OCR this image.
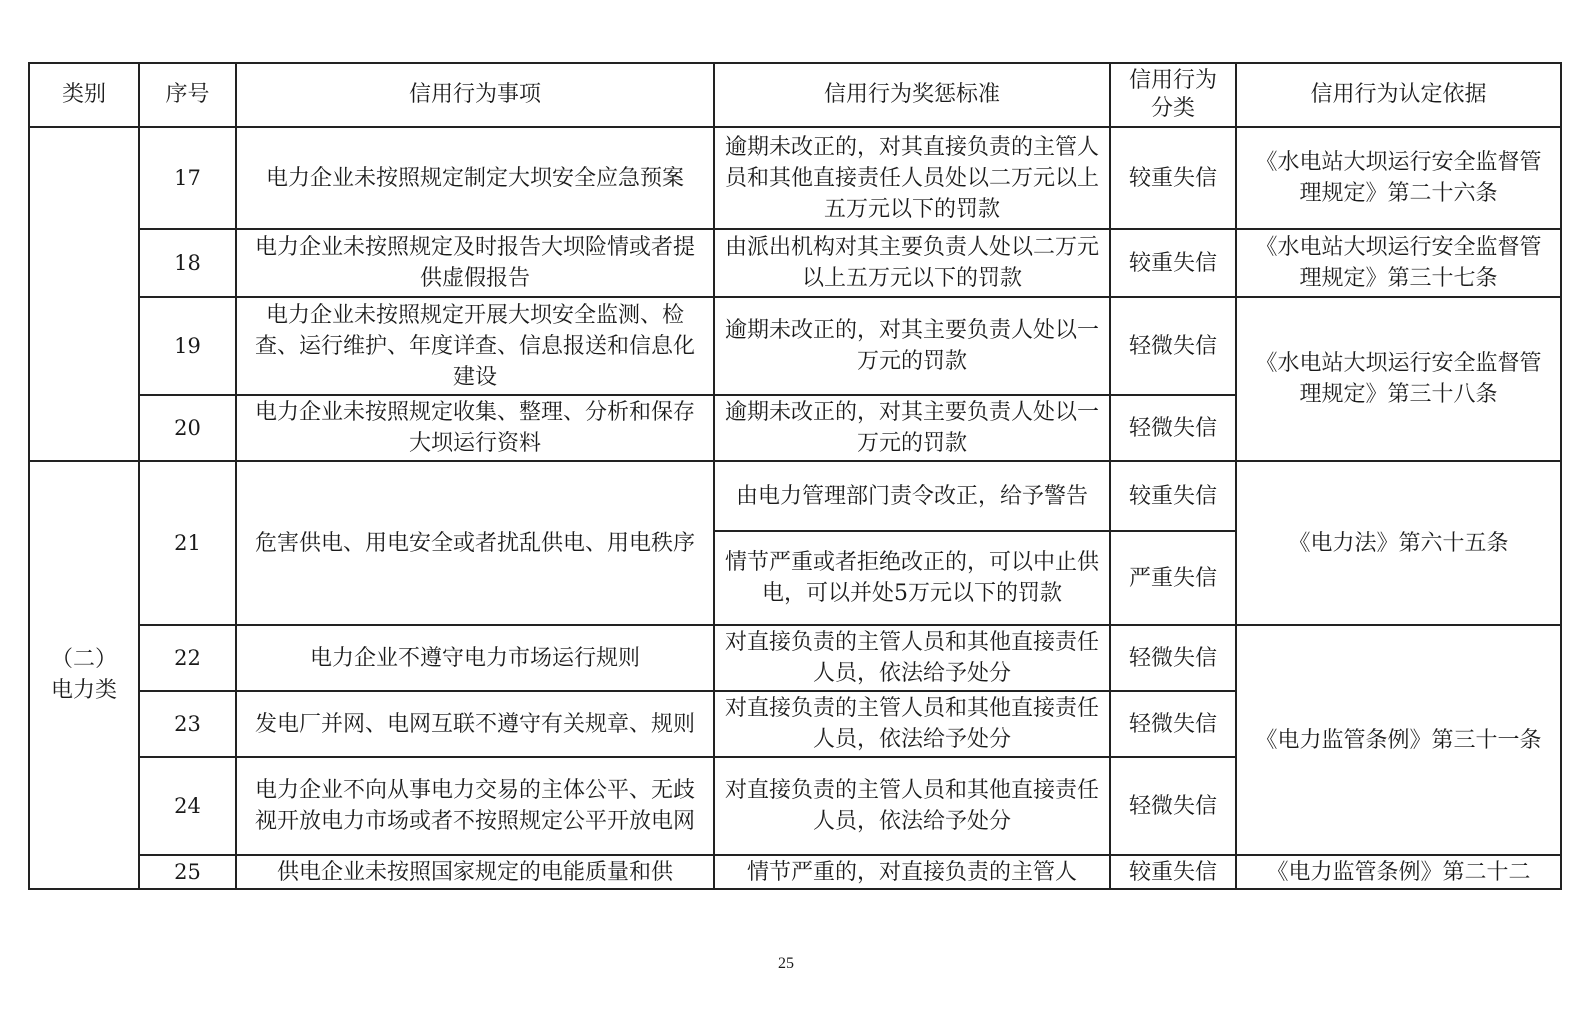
类别	序号	信用行为事项	信用行为奖惩标准	信用行为分类	信用行为认定依据
	17	电力企业未按照规定制定大坝安全应急预案	逾期未改正的，对其直接负责的主管人员和其他直接责任人员处以二万元以上五万元以下的罚款	较重失信	《水电站大坝运行安全监督管理规定》第二十六条
	18	电力企业未按照规定及时报告大坝险情或者提供虚假报告	由派出机构对其主要负责人处以二万元以上五万元以下的罚款	较重失信	《水电站大坝运行安全监督管理规定》第三十七条
	19	电力企业未按照规定开展大坝安全监测、检查、运行维护、年度详查、信息报送和信息化建设	逾期未改正的，对其主要负责人处以一万元的罚款	轻微失信	《水电站大坝运行安全监督管理规定》第三十八条
	20	电力企业未按照规定收集、整理、分析和保存大坝运行资料	逾期未改正的，对其主要负责人处以一万元的罚款	轻微失信	

（二）电力类	21	危害供电、用电安全或者扰乱供电、用电秩序	由电力管理部门责令改正，给予警告	较重失信	《电力法》第六十五条
			情节严重或者拒绝改正的，可以中止供电，可以并处5万元以下的罚款	严重失信	
	22	电力企业不遵守电力市场运行规则	对直接负责的主管人员和其他直接责任人员，依法给予处分	轻微失信	《电力监管条例》第三十一条
	23	发电厂并网、电网互联不遵守有关规章、规则	对直接负责的主管人员和其他直接责任人员，依法给予处分	轻微失信	
	24	电力企业不向从事电力交易的主体公平、无歧视开放电力市场或者不按照规定公平开放电网	对直接负责的主管人员和其他直接责任人员，依法给予处分	轻微失信	
	25	供电企业未按照国家规定的电能质量和供	情节严重的，对直接负责的主管人	较重失信	《电力监管条例》第二十二
25
